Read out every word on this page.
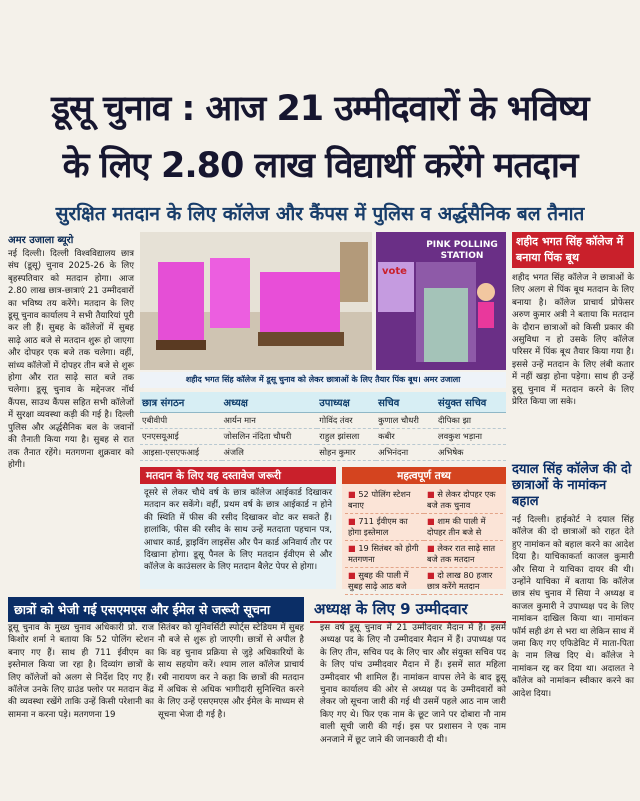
डूसू चुनाव : आज 21 उम्मीदवारों के भविष्य
के लिए 2.80 लाख विद्यार्थी करेंगे मतदान
सुरक्षित मतदान के लिए कॉलेज और कैंपस में पुलिस व अर्द्धसैनिक बल तैनात
अमर उजाला ब्यूरो
नई दिल्ली। दिल्ली विश्वविद्यालय छात्र संघ (डूसू) चुनाव 2025-26 के लिए बृहस्पतिवार को मतदान होगा। आज 2.80 लाख छात्र-छात्राएं 21 उम्मीदवारों का भविष्य तय करेंगे। मतदान के लिए डूसू चुनाव कार्यालय ने सभी तैयारियां पूरी कर ली हैं। सुबह के कॉलेजों में सुबह साढ़े आठ बजे से मतदान शुरू हो जाएगा और दोपहर एक बजे तक चलेगा। वहीं, सांध्य कॉलेजों में दोपहर तीन बजे से शुरू होगा और रात साढ़े सात बजे तक चलेगा। डूसू चुनाव के मद्देनजर नॉर्थ कैंपस, साउथ कैंपस सहित सभी कॉलेजों में सुरक्षा व्यवस्था कड़ी की गई है। दिल्ली पुलिस और अर्द्धसैनिक बल के जवानों की तैनाती किया गया है। सुबह से रात तक तैनात रहेंगे। मतगणना शुक्रवार को होगी।
PINK POLLING STATION
vote
शहीद भगत सिंह कॉलेज में डूसू चुनाव को लेकर छात्राओं के लिए तैयार पिंक बूथ। अमर उजाला
छात्र संगठन	अध्यक्ष	उपाध्यक्ष	सचिव	संयुक्त सचिव
एबीवीपी	आर्यन मान	गोविंद तंवर	कुणाल चौधरी	दीपिका झा
एनएसयूआई	जोसलिन नंदिता चौधरी	राहुल झांसला	कबीर	लवकुश भड़ाना
आइसा-एसएफआई	अंजलि	सोहन कुमार	अभिनंदना	अभिषेक
मतदान के लिए यह दस्तावेज जरूरी
दूसरे से लेकर चौथे वर्ष के छात्र कॉलेज आईकार्ड दिखाकर मतदान कर सकेंगे। वहीं, प्रथम वर्ष के छात्र आईकार्ड न होने की स्थिति में फीस की रसीद दिखाकर वोट कर सकते हैं। हालांकि, फीस की रसीद के साथ उन्हें मतदाता पहचान पत्र, आधार कार्ड, ड्राइविंग लाइसेंस और पैन कार्ड अनिवार्य तौर पर दिखाना होगा। डूसू पैनल के लिए मतदान ईवीएम से और कॉलेज के काउंसलर के लिए मतदान बैलेट पेपर से होगा।
महत्वपूर्ण तथ्य
■ 52 पोलिंग स्टेशन बनाए
■ से लेकर दोपहर एक बजे तक चुनाव
■ 711 ईवीएम का होगा इस्तेमाल
■ शाम की पाली में दोपहर तीन बजे से
■ 19 सितंबर को होगी मतगणना
■ लेकर रात साढ़े सात बजे तक मतदान
■ सुबह की पाली में सुबह साढ़े आठ बजे
■ दो लाख 80 हजार छात्र करेंगे मतदान
शहीद भगत सिंह कॉलेज में बनाया पिंक बूथ
शहीद भगत सिंह कॉलेज ने छात्राओं के लिए अलग से पिंक बूथ मतदान के लिए बनाया है। कॉलेज प्राचार्य प्रोफेसर अरुण कुमार अत्री ने बताया कि मतदान के दौरान छात्राओं को किसी प्रकार की असुविधा न हो उसके लिए कॉलेज परिसर में पिंक बूथ तैयार किया गया है। इससे उन्हें मतदान के लिए लंबी कतार में नहीं खड़ा होना पड़ेगा। साथ ही उन्हें डूसू चुनाव में मतदान करने के लिए प्रेरित किया जा सके।
दयाल सिंह कॉलेज की दो छात्राओं के नामांकन बहाल
नई दिल्ली। हाईकोर्ट ने दयाल सिंह कॉलेज की दो छात्राओं को राहत देते हुए नामांकन को बहाल करने का आदेश दिया है। याचिकाकर्ता काजल कुमारी और सिया ने याचिका दायर की थी। उन्होंने याचिका में बताया कि कॉलेज छात्र संघ चुनाव में सिया ने अध्यक्ष व काजल कुमारी ने उपाध्यक्ष पद के लिए नामांकन दाखिल किया था। नामांकन फॉर्म सही ढंग से भरा था लेकिन साथ में जमा किए गए एफिडेविट में माता-पिता के नाम लिख दिए थे। कॉलेज ने नामांकन रद्द कर दिया था। अदालत ने कॉलेज को नामांकन स्वीकार करने का आदेश दिया।
छात्रों को भेजी गई एसएमएस और ईमेल से जरूरी सूचना
डूसू चुनाव के मुख्य चुनाव अधिकारी प्रो. राज किशोर शर्मा ने बताया कि 52 पोलिंग स्टेशन बनाए गए हैं। साथ ही 711 ईवीएम का इस्तेमाल किया जा रहा है। दिव्यांग छात्रों के लिए कॉलेजों को अलग से निर्देश दिए गए हैं। कॉलेज उनके लिए ग्राउंड फ्लोर पर मतदान केंद्र की व्यवस्था रखेंगे ताकि उन्हें किसी परेशानी का सामना न करना पड़े। मतगणना 19
सितंबर को यूनिवर्सिटी स्पोर्ट्स स्टेडियम में सुबह नौ बजे से शुरू हो जाएगी। छात्रों से अपील है कि वह चुनाव प्रक्रिया से जुड़े अधिकारियों के साथ सहयोग करें। श्याम लाल कॉलेज प्राचार्य रबी नारायण कर ने कहा कि छात्रों की मतदान में अधिक से अधिक भागीदारी सुनिश्चित करने के लिए उन्हें एसएमएस और ईमेल के माध्यम से सूचना भेजा दी गई है।
अध्यक्ष के लिए 9 उम्मीदवार
इस वर्ष डूसू चुनाव में 21 उम्मीदवार मैदान में हैं। इसमें अध्यक्ष पद के लिए नौ उम्मीदवार मैदान में हैं। उपाध्यक्ष पद के लिए तीन, सचिव पद के लिए चार और संयुक्त सचिव पद के लिए पांच उम्मीदवार मैदान में हैं। इसमें सात महिला उम्मीदवार भी शामिल हैं। नामांकन वापस लेने के बाद डूसू चुनाव कार्यालय की ओर से अध्यक्ष पद के उम्मीदवारों को लेकर जो सूचना जारी की गई थी उसमें पहले आठ नाम जारी किए गए थे। फिर एक नाम के छूट जाने पर दोबारा नौ नाम वाली सूची जारी की गई। इस पर प्रशासन ने एक नाम अनजाने में छूट जाने की जानकारी दी थी।
